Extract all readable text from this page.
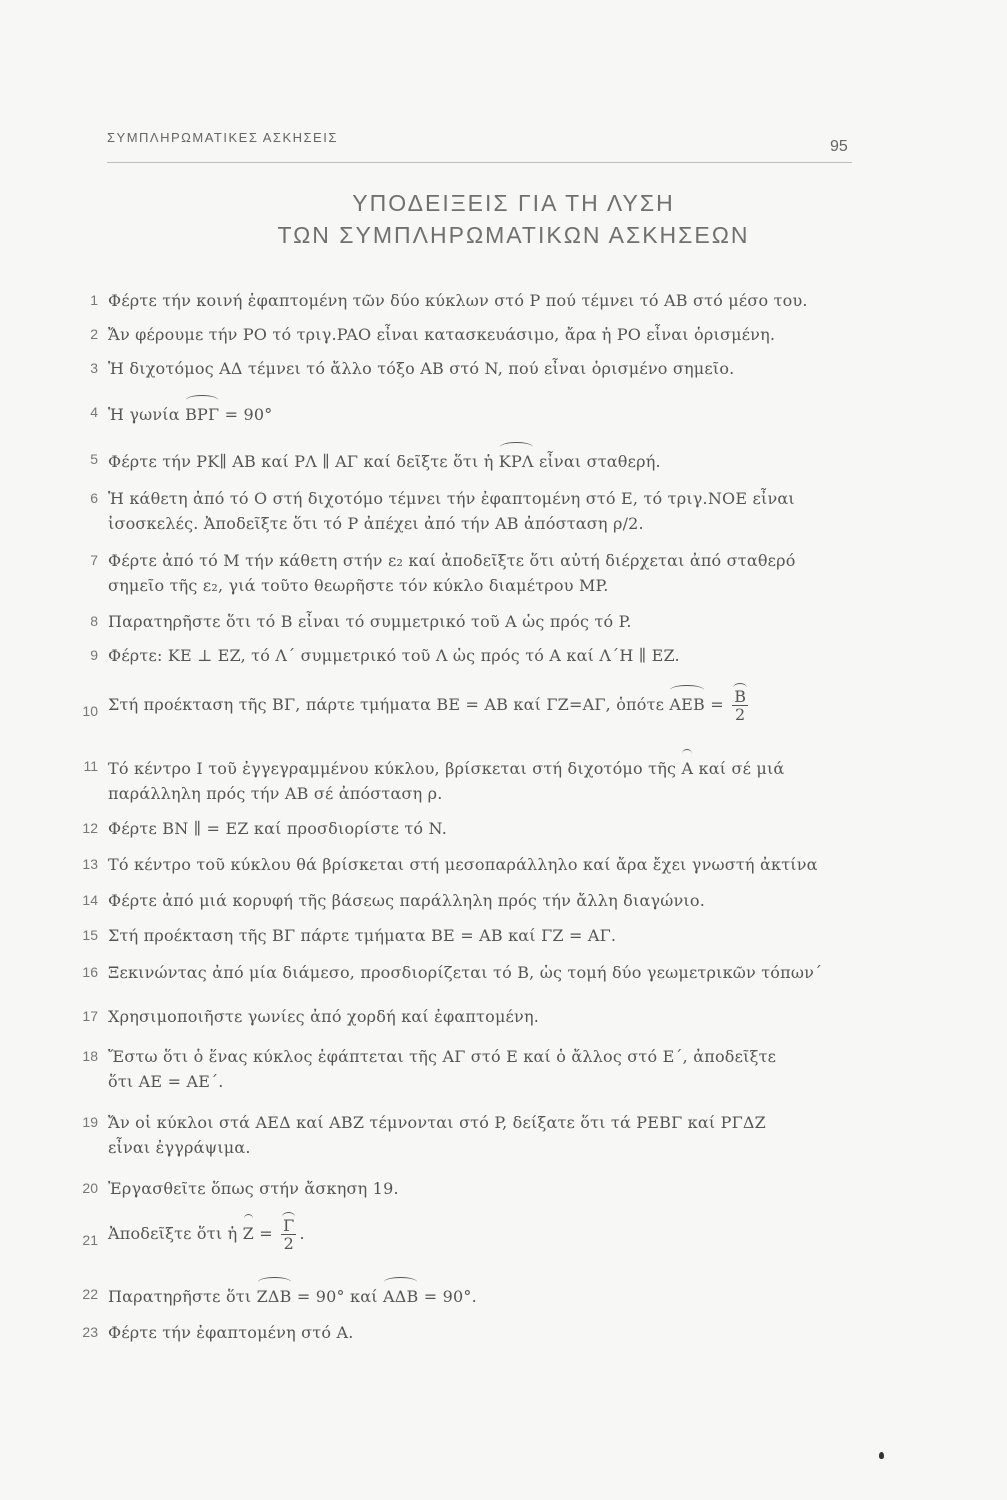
ΣΥΜΠΛΗΡΩΜΑΤΙΚΕΣ ΑΣΚΗΣΕΙΣ
95
ΥΠΟΔΕΙΞΕΙΣ ΓΙΑ ΤΗ ΛΥΣΗ
ΤΩΝ ΣΥΜΠΛΗΡΩΜΑΤΙΚΩΝ ΑΣΚΗΣΕΩΝ
1 Φέρτε τήν κοινή ἐφαπτομένη τῶν δύο κύκλων στό P πού τέμνει τό AB στό μέσο του.
2 Ἄν φέρουμε τήν PO τό τριγ.PAO εἶναι κατασκευάσιμο, ἄρα ἡ PO εἶναι ὁρισμένη.
3 Ἡ διχοτόμος AΔ τέμνει τό ἄλλο τόξο AB στό N, πού εἶναι ὁρισμένο σημεῖο.
4 Ἡ γωνία BPΓ = 90°
5 Φέρτε τήν PK∥ AB καί PΛ ∥ AΓ καί δεῖξτε ὅτι ἡ KPΛ εἶναι σταθερή.
6 Ἡ κάθετη ἀπό τό O στή διχοτόμο τέμνει τήν ἐφαπτομένη στό E, τό τριγ.NOE εἶναι
ἰσοσκελές. Ἀποδεῖξτε ὅτι τό P ἀπέχει ἀπό τήν AB ἀπόσταση ρ/2.
7 Φέρτε ἀπό τό M τήν κάθετη στήν ε₂ καί ἀποδεῖξτε ὅτι αὐτή διέρχεται ἀπό σταθερό
σημεῖο τῆς ε₂, γιά τοῦτο θεωρῆστε τόν κύκλο διαμέτρου MP.
8 Παρατηρῆστε ὅτι τό B εἶναι τό συμμετρικό τοῦ A ὡς πρός τό P.
9 Φέρτε: KE ⊥ EZ, τό Λ΄ συμμετρικό τοῦ Λ ὡς πρός τό A καί Λ΄H ∥ EZ.
10 Στή προέκταση τῆς BΓ, πάρτε τμήματα BE = AB καί ΓZ=AΓ, ὁπότε AEB = $\frac{B}{2}$
11 Τό κέντρο I τοῦ ἐγγεγραμμένου κύκλου, βρίσκεται στή διχοτόμο τῆς A καί σέ μιά
παράλληλη πρός τήν AB σέ ἀπόσταση ρ.
12 Φέρτε BN ∥ = EZ καί προσδιορίστε τό N.
13 Τό κέντρο τοῦ κύκλου θά βρίσκεται στή μεσοπαράλληλο καί ἄρα ἔχει γνωστή ἀκτίνα
14 Φέρτε ἀπό μιά κορυφή τῆς βάσεως παράλληλη πρός τήν ἄλλη διαγώνιο.
15 Στή προέκταση τῆς BΓ πάρτε τμήματα BE = AB καί ΓZ = AΓ.
16 Ξεκινώντας ἀπό μία διάμεσο, προσδιορίζεται τό B, ὡς τομή δύο γεωμετρικῶν τόπων΄
17 Χρησιμοποιῆστε γωνίες ἀπό χορδή καί ἐφαπτομένη.
18 Ἔστω ὅτι ὁ ἕνας κύκλος ἐφάπτεται τῆς AΓ στό E καί ὁ ἄλλος στό E΄, ἀποδεῖξτε
ὅτι AE = AE΄.
19 Ἄν οἱ κύκλοι στά AEΔ καί ABZ τέμνονται στό P, δείξατε ὅτι τά PEBΓ καί PΓΔZ
εἶναι ἐγγράψιμα.
20 Ἐργασθεῖτε ὅπως στήν ἄσκηση 19.
21 Ἀποδεῖξτε ὅτι ἡ $Z = \frac{\Gamma}{2}$ .
22 Παρατηρῆστε ὅτι ZΔB = 90° καί AΔB = 90°.
23 Φέρτε τήν ἐφαπτομένη στό A.
